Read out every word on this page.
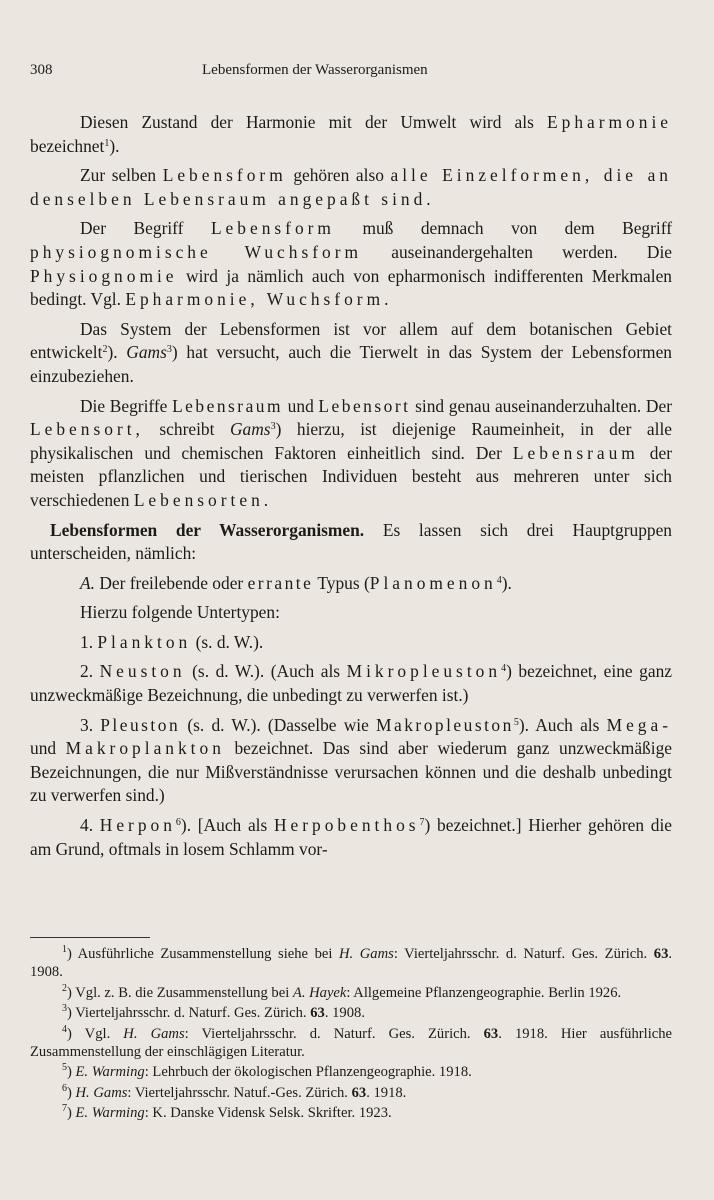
308	Lebensformen der Wasserorganismen

Diesen Zustand der Harmonie mit der Umwelt wird als Epharmonie bezeichnet$^1$).

Zur selben Lebensform gehören also alle Einzelformen, die an denselben Lebensraum angepaßt sind.

Der Begriff Lebensform muß demnach von dem Begriff physiognomische Wuchsform auseinandergehalten werden. Die Physiognomie wird ja nämlich auch von epharmonisch indifferenten Merkmalen bedingt. Vgl. Epharmonie, Wuchsform.

Das System der Lebensformen ist vor allem auf dem botanischen Gebiet entwickelt$^2$). Gams$^3$) hat versucht, auch die Tierwelt in das System der Lebensformen einzubeziehen.

Die Begriffe Lebensraum und Lebensort sind genau auseinanderzuhalten. Der Lebensort, schreibt Gams$^3$) hierzu, ist diejenige Raumeinheit, in der alle physikalischen und chemischen Faktoren einheitlich sind. Der Lebensraum der meisten pflanzlichen und tierischen Individuen besteht aus mehreren unter sich verschiedenen Lebensorten.

Lebensformen der Wasserorganismen. Es lassen sich drei Hauptgruppen unterscheiden, nämlich:

A. Der freilebende oder errante Typus (Planomenon$^4$).

Hierzu folgende Untertypen:

1. Plankton (s. d. W.).

2. Neuston (s. d. W.). (Auch als Mikropleuston$^4$) bezeichnet, eine ganz unzweckmäßige Bezeichnung, die unbedingt zu verwerfen ist.)

3. Pleuston (s. d. W.). (Dasselbe wie Makropleuston$^5$). Auch als Mega- und Makroplankton bezeichnet. Das sind aber wiederum ganz unzweckmäßige Bezeichnungen, die nur Mißverständnisse verursachen können und die deshalb unbedingt zu verwerfen sind.)

4. Herpon$^6$). [Auch als Herpobenthos$^7$) bezeichnet.] Hierher gehören die am Grund, oftmals in losem Schlamm vor-

$^1$) Ausführliche Zusammenstellung siehe bei H. Gams: Vierteljahrsschr. d. Naturf. Ges. Zürich. 63. 1908.

$^2$) Vgl. z. B. die Zusammenstellung bei A. Hayek: Allgemeine Pflanzengeographie. Berlin 1926.

$^3$) Vierteljahrsschr. d. Naturf. Ges. Zürich. 63. 1908.

$^4$) Vgl. H. Gams: Vierteljahrsschr. d. Naturf. Ges. Zürich. 63. 1918. Hier ausführliche Zusammenstellung der einschlägigen Literatur.

$^5$) E. Warming: Lehrbuch der ökologischen Pflanzengeographie. 1918.

$^6$) H. Gams: Vierteljahrsschr. Natuf.-Ges. Zürich. 63. 1918.

$^7$) E. Warming: K. Danske Vidensk Selsk. Skrifter. 1923.
